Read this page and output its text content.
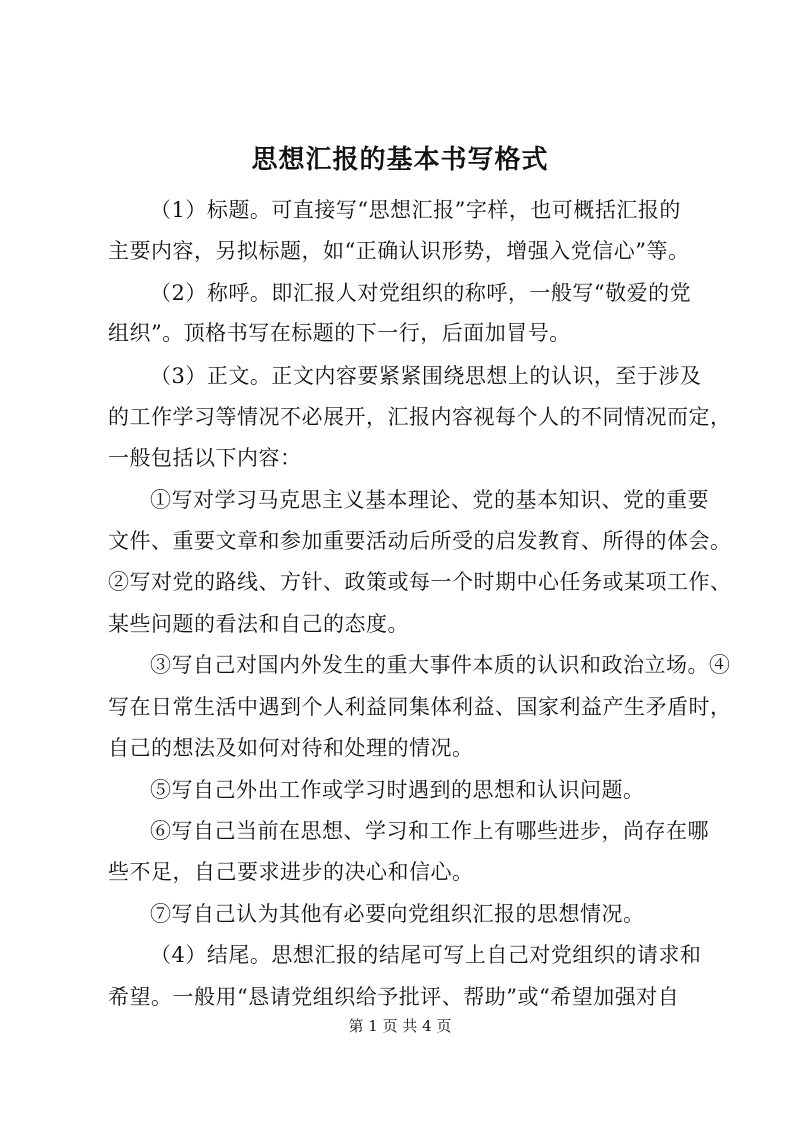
思想汇报的基本书写格式
（1）标题。可直接写“思想汇报”字样，也可概括汇报的
主要内容，另拟标题，如“正确认识形势，增强入党信心”等。
（2）称呼。即汇报人对党组织的称呼，一般写“敬爱的党
组织”。顶格书写在标题的下一行，后面加冒号。
（3）正文。正文内容要紧紧围绕思想上的认识，至于涉及
的工作学习等情况不必展开，汇报内容视每个人的不同情况而定，
一般包括以下内容：
①写对学习马克思主义基本理论、党的基本知识、党的重要
文件、重要文章和参加重要活动后所受的启发教育、所得的体会。
②写对党的路线、方针、政策或每一个时期中心任务或某项工作、
某些问题的看法和自己的态度。
③写自己对国内外发生的重大事件本质的认识和政治立场。④
写在日常生活中遇到个人利益同集体利益、国家利益产生矛盾时，
自己的想法及如何对待和处理的情况。
⑤写自己外出工作或学习时遇到的思想和认识问题。
⑥写自己当前在思想、学习和工作上有哪些进步，尚存在哪
些不足，自己要求进步的决心和信心。
⑦写自己认为其他有必要向党组织汇报的思想情况。
（4）结尾。思想汇报的结尾可写上自己对党组织的请求和
希望。一般用“恳请党组织给予批评、帮助”或“希望加强对自
第 1 页 共 4 页
